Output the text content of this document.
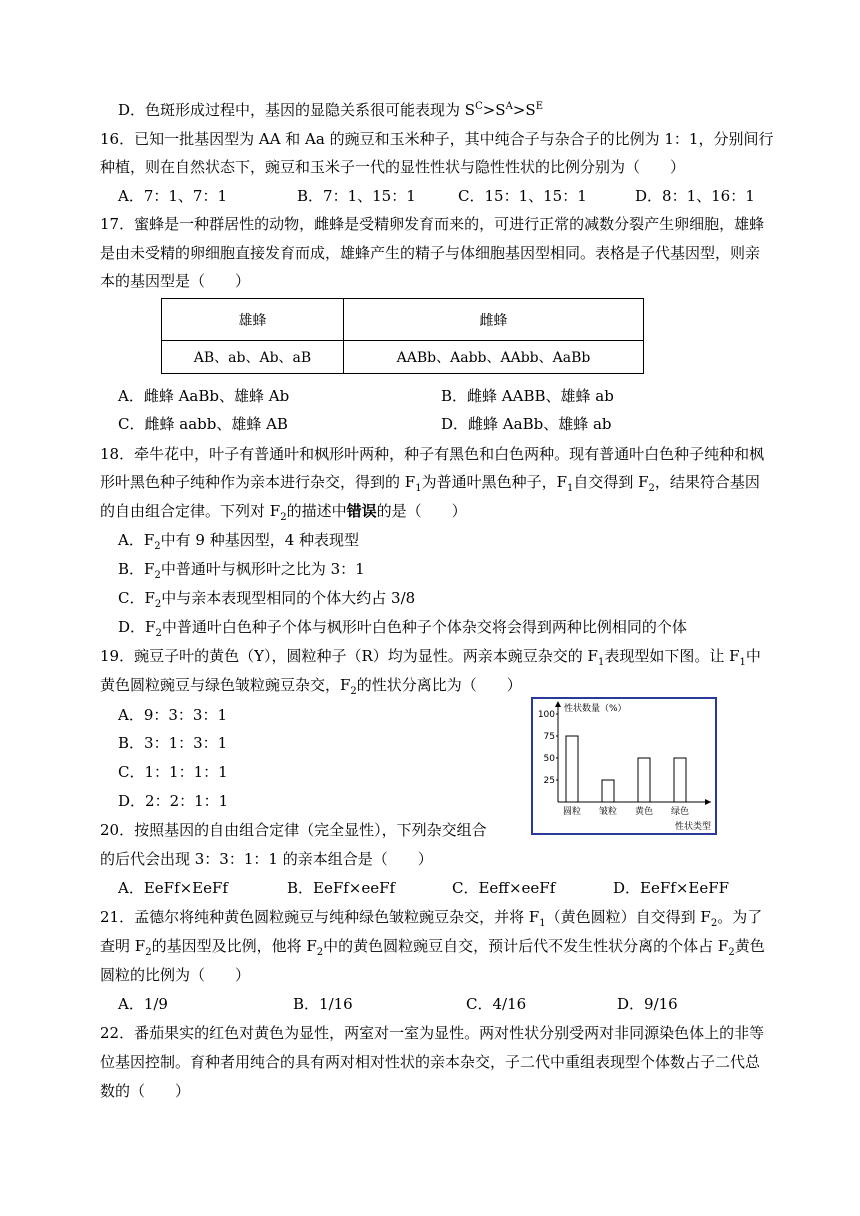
D．色斑形成过程中，基因的显隐关系很可能表现为 $S^C>S^A>S^E$
16．已知一批基因型为 AA 和 Aa 的豌豆和玉米种子，其中纯合子与杂合子的比例为 1：1，分别间行
种植，则在自然状态下，豌豆和玉米子一代的显性性状与隐性性状的比例分别为（　　）
A．7：1、7：1	B．7：1、15：1	C．15：1、15：1	D．8：1、16：1
17．蜜蜂是一种群居性的动物，雌蜂是受精卵发育而来的，可进行正常的减数分裂产生卵细胞，雄蜂
是由未受精的卵细胞直接发育而成，雄蜂产生的精子与体细胞基因型相同。表格是子代基因型，则亲
本的基因型是（　　）
雄蜂	雌蜂
AB、ab、Ab、aB	AABb、Aabb、AAbb、AaBb
A．雌蜂 AaBb、雄蜂 Ab	B．雌蜂 AABB、雄蜂 ab
C．雌蜂 aabb、雄蜂 AB	D．雌蜂 AaBb、雄蜂 ab
18．牵牛花中，叶子有普通叶和枫形叶两种，种子有黑色和白色两种。现有普通叶白色种子纯种和枫
形叶黑色种子纯种作为亲本进行杂交，得到的 $F_1$为普通叶黑色种子，$F_1$自交得到 $F_2$，结果符合基因
的自由组合定律。下列对 $F_2$的描述中错误的是（　　）
A．$F_2$中有 9 种基因型，4 种表现型
B．$F_2$中普通叶与枫形叶之比为 3：1
C．$F_2$中与亲本表现型相同的个体大约占 3/8
D．$F_2$中普通叶白色种子个体与枫形叶白色种子个体杂交将会得到两种比例相同的个体
19．豌豆子叶的黄色（Y），圆粒种子（R）均为显性。两亲本豌豆杂交的 $F_1$表现型如下图。让 $F_1$中
黄色圆粒豌豆与绿色皱粒豌豆杂交，$F_2$的性状分离比为（　　）
A．9：3：3：1
B．3：1：3：1
C．1：1：1：1
D．2：2：1：1
性状数量（%）
100
75
50
25
圆粒 皱粒 黄色 绿色
性状类型
20．按照基因的自由组合定律（完全显性），下列杂交组合
的后代会出现 3：3：1：1 的亲本组合是（　　）
A．EeFf×EeFf	B．EeFf×eeFf	C．Eeff×eeFf	D．EeFf×EeFF
21．孟德尔将纯种黄色圆粒豌豆与纯种绿色皱粒豌豆杂交，并将 $F_1$（黄色圆粒）自交得到 $F_2$。为了
查明 $F_2$的基因型及比例，他将 $F_2$中的黄色圆粒豌豆自交，预计后代不发生性状分离的个体占 $F_2$黄色
圆粒的比例为（　　）
A．1/9	B．1/16	C．4/16	D．9/16
22．番茄果实的红色对黄色为显性，两室对一室为显性。两对性状分别受两对非同源染色体上的非等
位基因控制。育种者用纯合的具有两对相对性状的亲本杂交，子二代中重组表现型个体数占子二代总
数的（　　）
